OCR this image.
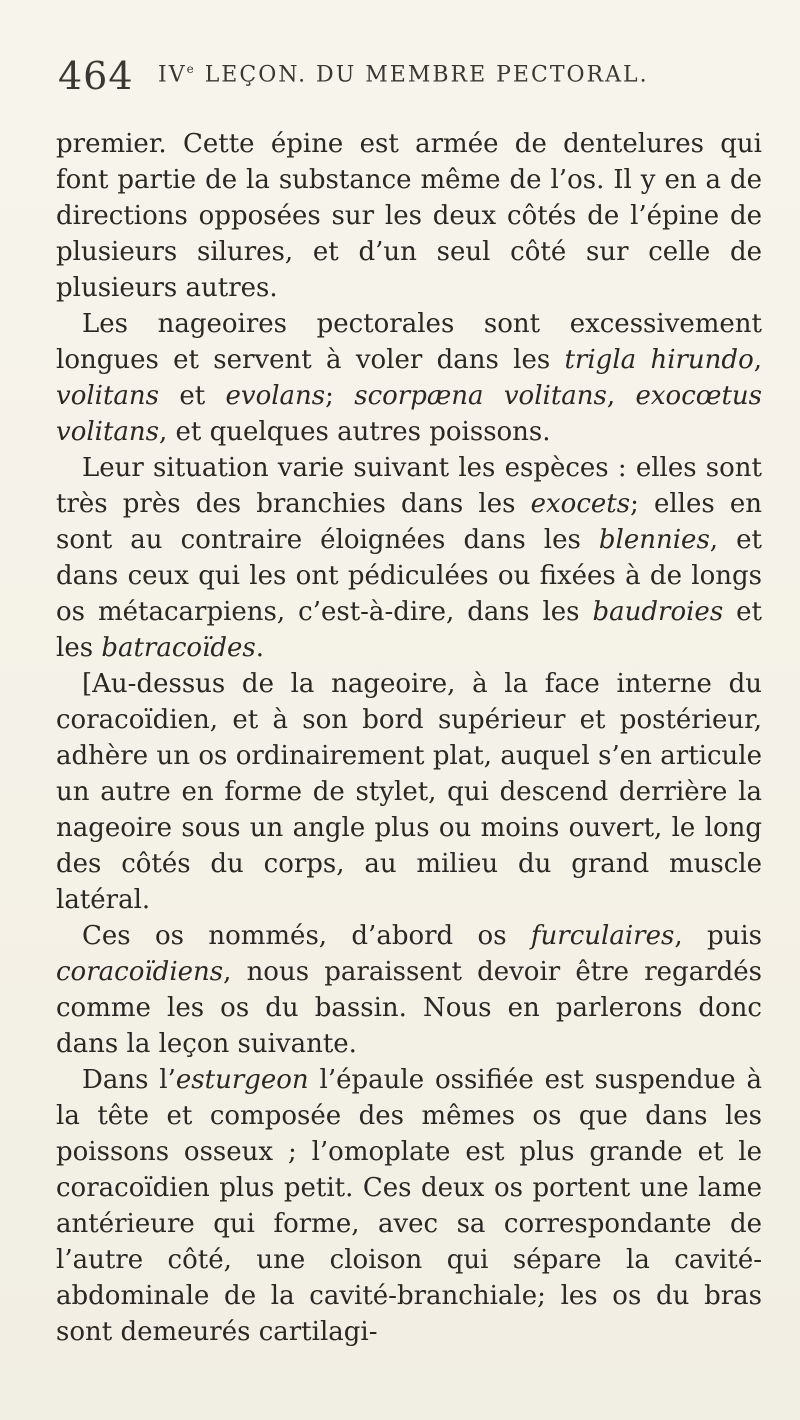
464 IVe LEÇON. DU MEMBRE PECTORAL.

premier. Cette épine est armée de dentelures qui font partie de la substance même de l’os. Il y en a de directions opposées sur les deux côtés de l’épine de plusieurs silures, et d’un seul côté sur celle de plusieurs autres.

Les nageoires pectorales sont excessivement longues et servent à voler dans les trigla hirundo, volitans et evolans; scorpæna volitans, exocœtus volitans, et quelques autres poissons.

Leur situation varie suivant les espèces : elles sont très près des branchies dans les exocets; elles en sont au contraire éloignées dans les blennies, et dans ceux qui les ont pédiculées ou fixées à de longs os métacarpiens, c’est-à-dire, dans les baudroies et les batracoïdes.

[Au-dessus de la nageoire, à la face interne du coracoïdien, et à son bord supérieur et postérieur, adhère un os ordinairement plat, auquel s’en articule un autre en forme de stylet, qui descend derrière la nageoire sous un angle plus ou moins ouvert, le long des côtés du corps, au milieu du grand muscle latéral.

Ces os nommés, d’abord os furculaires, puis coracoïdiens, nous paraissent devoir être regardés comme les os du bassin. Nous en parlerons donc dans la leçon suivante.

Dans l’esturgeon l’épaule ossifiée est suspendue à la tête et composée des mêmes os que dans les poissons osseux ; l’omoplate est plus grande et le coracoïdien plus petit. Ces deux os portent une lame antérieure qui forme, avec sa correspondante de l’autre côté, une cloison qui sépare la cavité-abdominale de la cavité-branchiale; les os du bras sont demeurés cartilagi-
